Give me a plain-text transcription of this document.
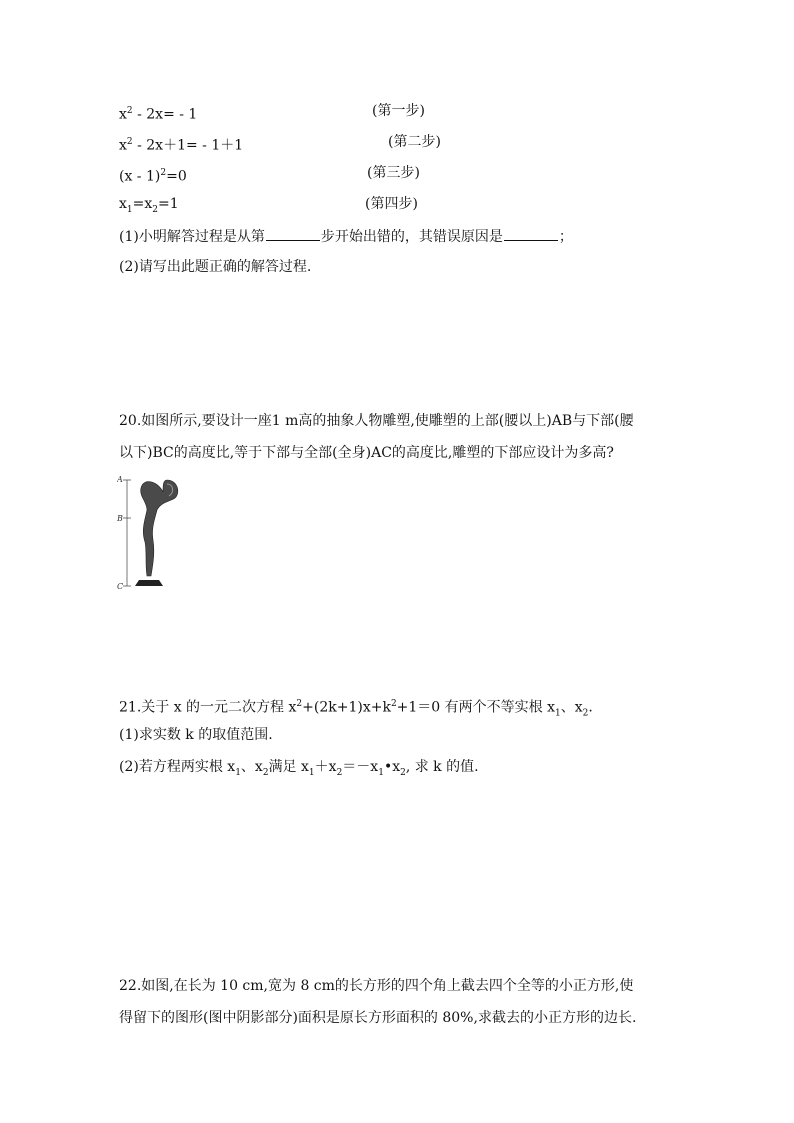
$x^2 - 2x= - 1$	(第一步)
$x^2 - 2x+1= - 1+1$	(第二步)
(x - 1)$^2$=0	(第三步)
$x_1=x_2=1$	(第四步)
(1)小明解答过程是从第	步开始出错的，其错误原因是	；
(2)请写出此题正确的解答过程.
20.如图所示,要设计一座1 m高的抽象人物雕塑,使雕塑的上部(腰以上)AB与下部(腰
以下)BC的高度比,等于下部与全部(全身)AC的高度比,雕塑的下部应设计为多高?
A
B
C
21.关于 x 的一元二次方程 $x^2+(2k+1)x+k^2+1=0$ 有两个不等实根 $x_1$、$x_2$.
(1)求实数 k 的取值范围.
(2)若方程两实根 $x_1$、$x_2$满足 $x_1+x_2=-x_1•x_2$, 求 k 的值.
22.如图,在长为 10 cm,宽为 8 cm的长方形的四个角上截去四个全等的小正方形,使
得留下的图形(图中阴影部分)面积是原长方形面积的 80%,求截去的小正方形的边长.
